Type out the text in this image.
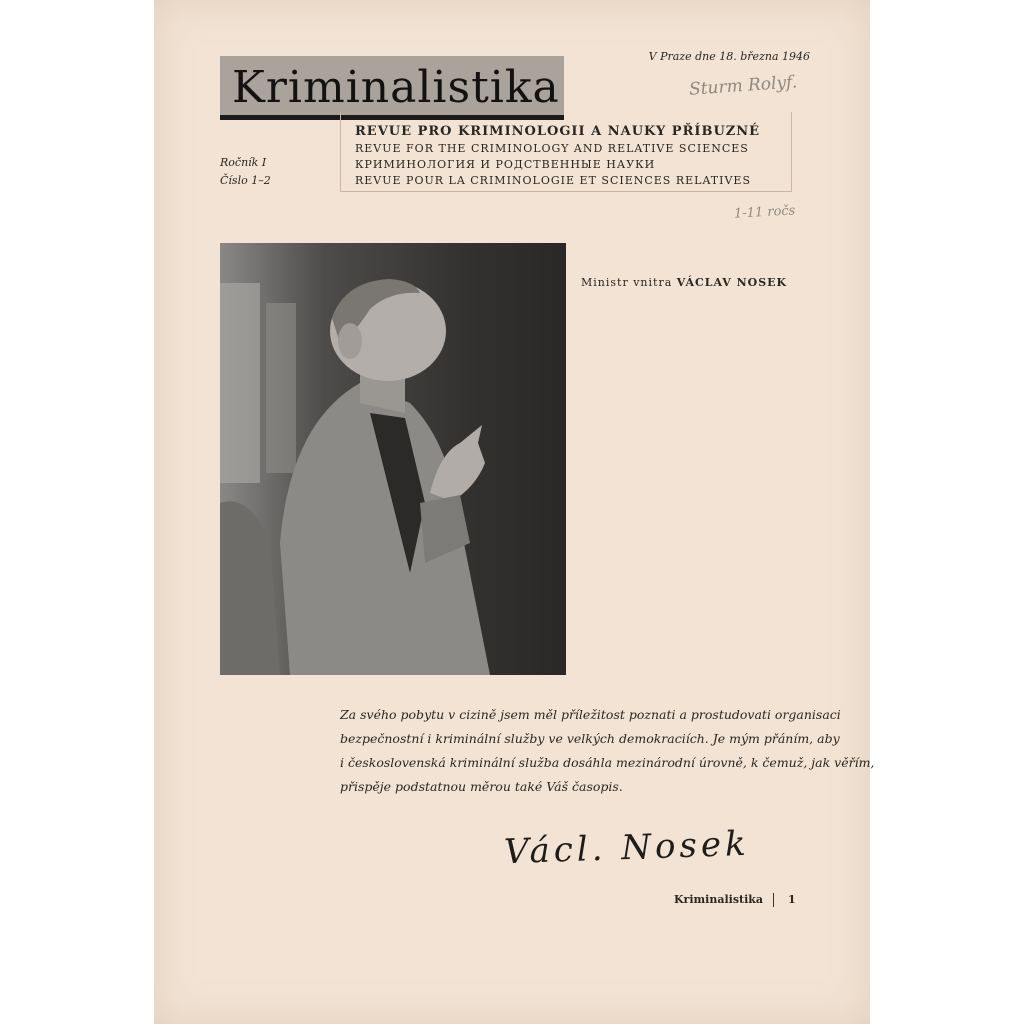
Kriminalistika
V Praze dne 18. března 1946
Sturm Rolyf.
REVUE PRO KRIMINOLOGII A NAUKY PŘÍBUZNÉ
REVUE FOR THE CRIMINOLOGY AND RELATIVE SCIENCES
КРИМИНОЛОГИЯ И РОДСТВЕННЫЕ НАУКИ
REVUE POUR LA CRIMINOLOGIE ET SCIENCES RELATIVES
Ročník I
Číslo 1–2
1-11 ročs
Ministr vnitra VÁCLAV NOSEK

Za svého pobytu v cizině jsem měl příležitost poznati a prostudovati organisaci

bezpečnostní i kriminální služby ve velkých demokraciích. Je mým přáním, aby

i československá kriminální služba dosáhla mezinárodní úrovně, k čemuž, jak věřím,

přispěje podstatnou měrou také Váš časopis.

Václ. Nosek
Kriminalistika 1
